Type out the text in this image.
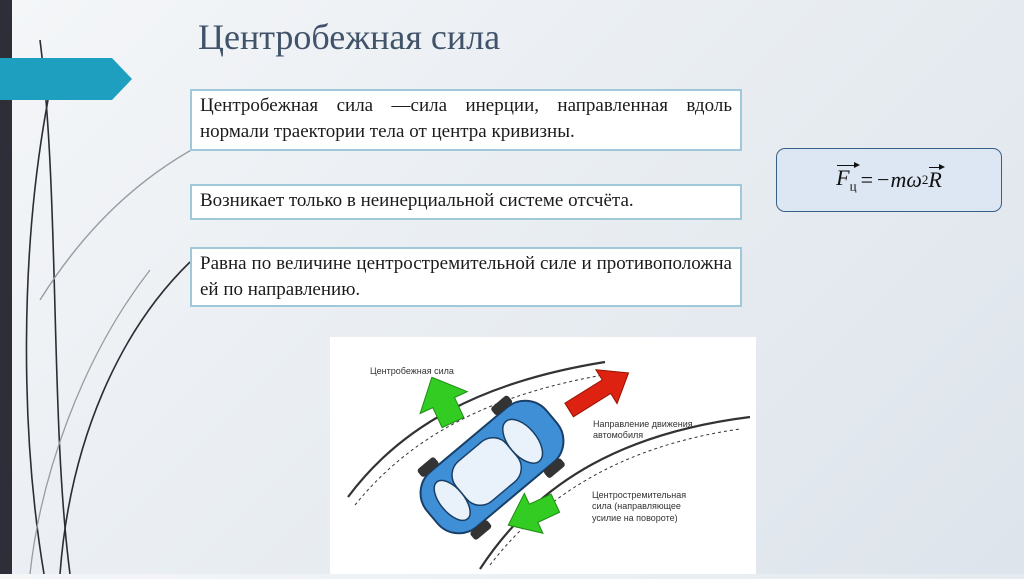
Центробежная сила
Центробежная сила —сила инерции, направленная вдоль нормали траектории тела от центра кривизны.
Возникает только в неинерциальной системе отсчёта.
Равна по величине центростремительной силе и противоположна ей по направлению.
$F_ц$ = − m ω 2 R
Центробежная сила
Направление движения
автомобиля
Центростремительная
сила (направляющее
усилие на повороте)
